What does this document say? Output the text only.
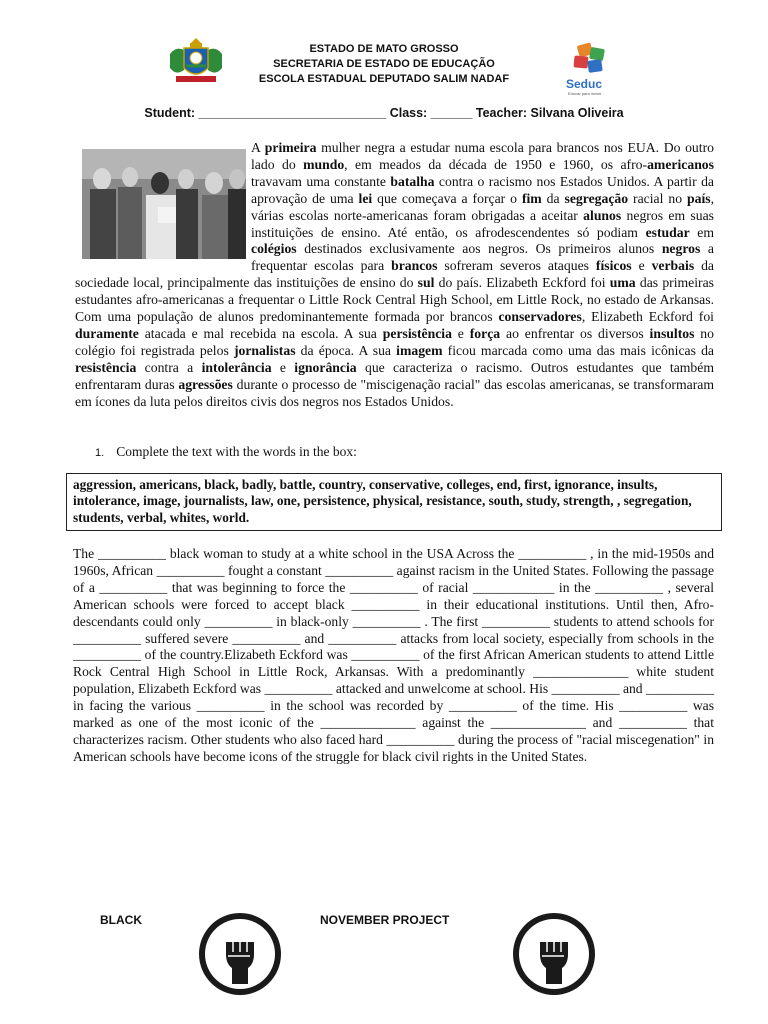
Seduc
Educar para incluir
ESTADO DE MATO GROSSO
SECRETARIA DE ESTADO DE EDUCAÇÃO
ESCOLA ESTADUAL DEPUTADO SALIM NADAF
Student: ___________________________ Class: ______ Teacher: Silvana Oliveira
A primeira mulher negra a estudar numa escola para brancos nos EUA. Do outro lado do mundo, em meados da década de 1950 e 1960, os afro-americanos travavam uma constante batalha contra o racismo nos Estados Unidos. A partir da aprovação de uma lei que começava a forçar o fim da segregação racial no país, várias escolas norte-americanas foram obrigadas a aceitar alunos negros em suas instituições de ensino. Até então, os afrodescendentes só podiam estudar em colégios destinados exclusivamente aos negros. Os primeiros alunos negros a frequentar escolas para brancos sofreram severos ataques físicos e verbais da sociedade local, principalmente das instituições de ensino do sul do país. Elizabeth Eckford foi uma das primeiras estudantes afro-americanas a frequentar o Little Rock Central High School, em Little Rock, no estado de Arkansas. Com uma população de alunos predominantemente formada por brancos conservadores, Elizabeth Eckford foi duramente atacada e mal recebida na escola. A sua persistência e força ao enfrentar os diversos insultos no colégio foi registrada pelos jornalistas da época. A sua imagem ficou marcada como uma das mais icônicas da resistência contra a intolerância e ignorância que caracteriza o racismo. Outros estudantes que também enfrentaram duras agressões durante o processo de "miscigenação racial" das escolas americanas, se transformaram em ícones da luta pelos direitos civis dos negros nos Estados Unidos.
1. Complete the text with the words in the box:
aggression, americans, black, badly, battle, country, conservative, colleges, end, first, ignorance, insults, intolerance, image, journalists, law, one, persistence, physical, resistance, south, study, strength, , segregation, students, verbal, whites, world.
The __________ black woman to study at a white school in the USA Across the __________ , in the mid-1950s and 1960s, African __________ fought a constant __________ against racism in the United States. Following the passage of a __________ that was beginning to force the __________ of racial ____________ in the __________ , several American schools were forced to accept black __________ in their educational institutions. Until then, Afro- descendants could only __________ in black-only __________ . The first __________ students to attend schools for __________ suffered severe __________ and __________ attacks from local society, especially from schools in the __________ of the country.Elizabeth Eckford was __________ of the first African American students to attend Little Rock Central High School in Little Rock, Arkansas. With a predominantly ______________ white student population, Elizabeth Eckford was __________ attacked and unwelcome at school. His __________ and __________ in facing the various __________ in the school was recorded by __________ of the time. His __________ was marked as one of the most iconic of the ______________ against the ______________ and __________ that characterizes racism. Other students who also faced hard __________ during the process of "racial miscegenation" in American schools have become icons of the struggle for black civil rights in the United States.
BLACK	NOVEMBER PROJECT
